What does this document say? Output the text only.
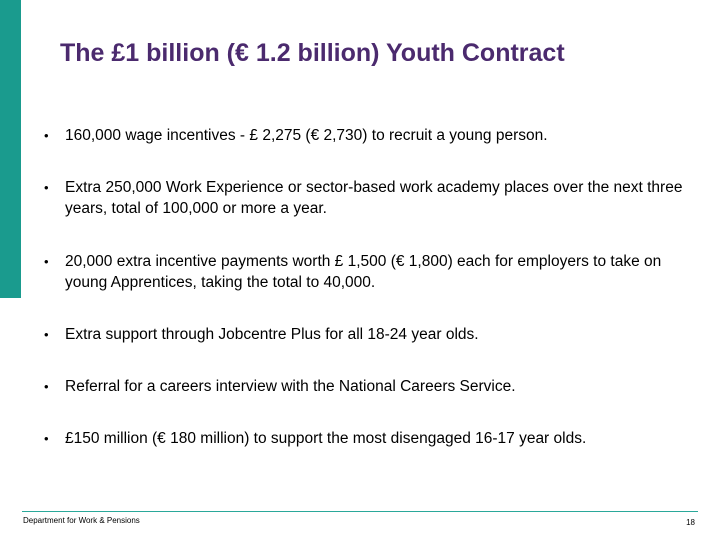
The £1 billion (€ 1.2 billion) Youth Contract
•	160,000 wage incentives - £ 2,275 (€ 2,730) to recruit a young person.
•	Extra 250,000 Work Experience or sector-based work academy places over the next three years, total of 100,000 or more a year.
•	20,000 extra incentive payments worth £ 1,500 (€ 1,800) each for employers to take on young Apprentices, taking the total to 40,000.
•	Extra support through Jobcentre Plus for all 18-24 year olds.
•	Referral for a careers interview with the National Careers Service.
•	£150 million (€ 180 million) to support the most disengaged 16-17 year olds.
Department for Work & Pensions	18
